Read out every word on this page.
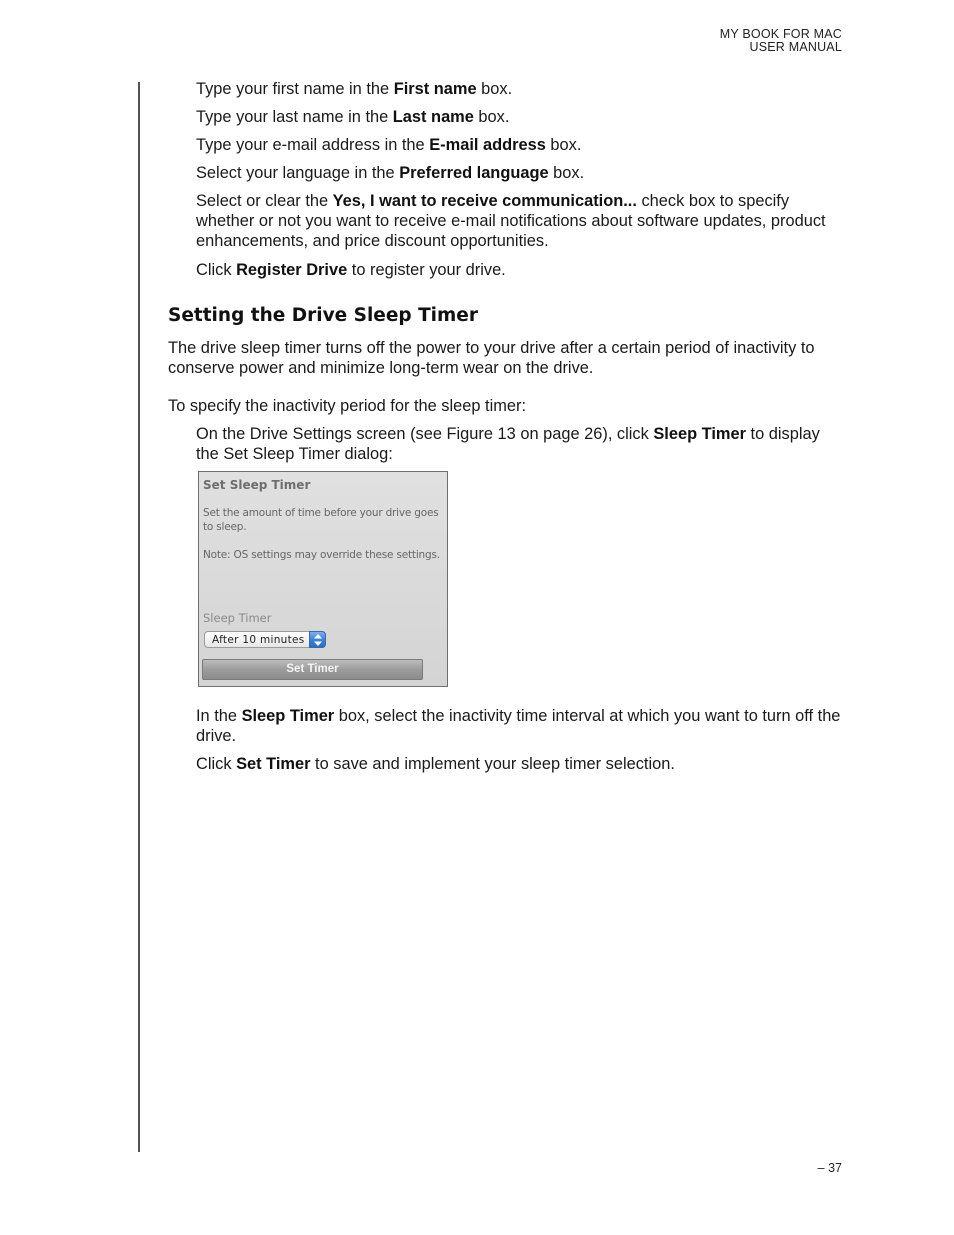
MY BOOK FOR MAC
USER MANUAL

Type your first name in the First name box.

Type your last name in the Last name box.

Type your e-mail address in the E-mail address box.

Select your language in the Preferred language box.

Select or clear the Yes, I want to receive communication... check box to specify whether or not you want to receive e-mail notifications about software updates, product enhancements, and price discount opportunities.

Click Register Drive to register your drive.

Setting the Drive Sleep Timer

The drive sleep timer turns off the power to your drive after a certain period of inactivity to conserve power and minimize long-term wear on the drive.

To specify the inactivity period for the sleep timer:

On the Drive Settings screen (see Figure 13 on page 26), click Sleep Timer to display the Set Sleep Timer dialog:

Set Sleep Timer
Set the amount of time before your drive goes to sleep.
Note: OS settings may override these settings.
Sleep Timer
After 10 minutes
Set Timer

In the Sleep Timer box, select the inactivity time interval at which you want to turn off the drive.

Click Set Timer to save and implement your sleep timer selection.

– 37
